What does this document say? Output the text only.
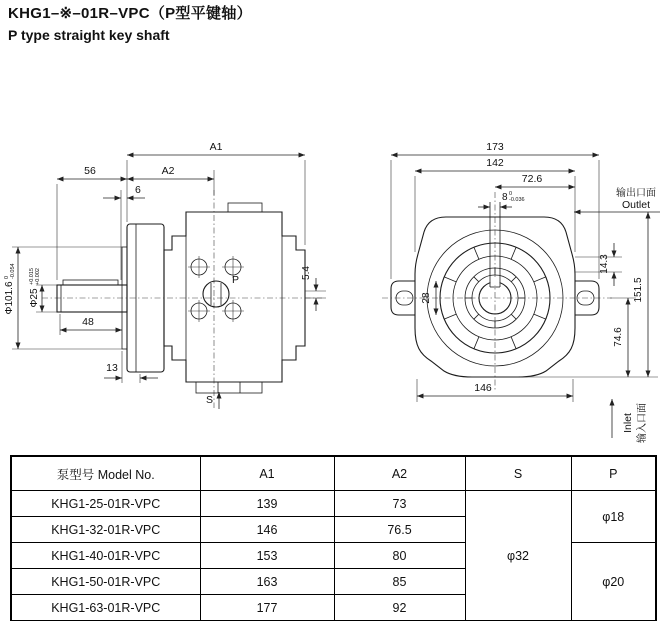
KHG1–※–01R–VPC（P型平键轴）
P type straight key shaft
P
A1
56	A2
6
Φ101.6
0 -0.054
Φ25
+0.015 +0.002
48
13
5.4
S
173
142
72.6
8 0
-0.036
输出口面
Outlet
151.5
14.3
74.6
28
146
Inlet 输入口面
泵型号 Model No.	A1	A2	S	P
KHG1-25-01R-VPC	139	73	φ32	φ18
KHG1-32-01R-VPC	146	76.5		
KHG1-40-01R-VPC	153	80		φ20
KHG1-50-01R-VPC	163	85		
KHG1-63-01R-VPC	177	92		
